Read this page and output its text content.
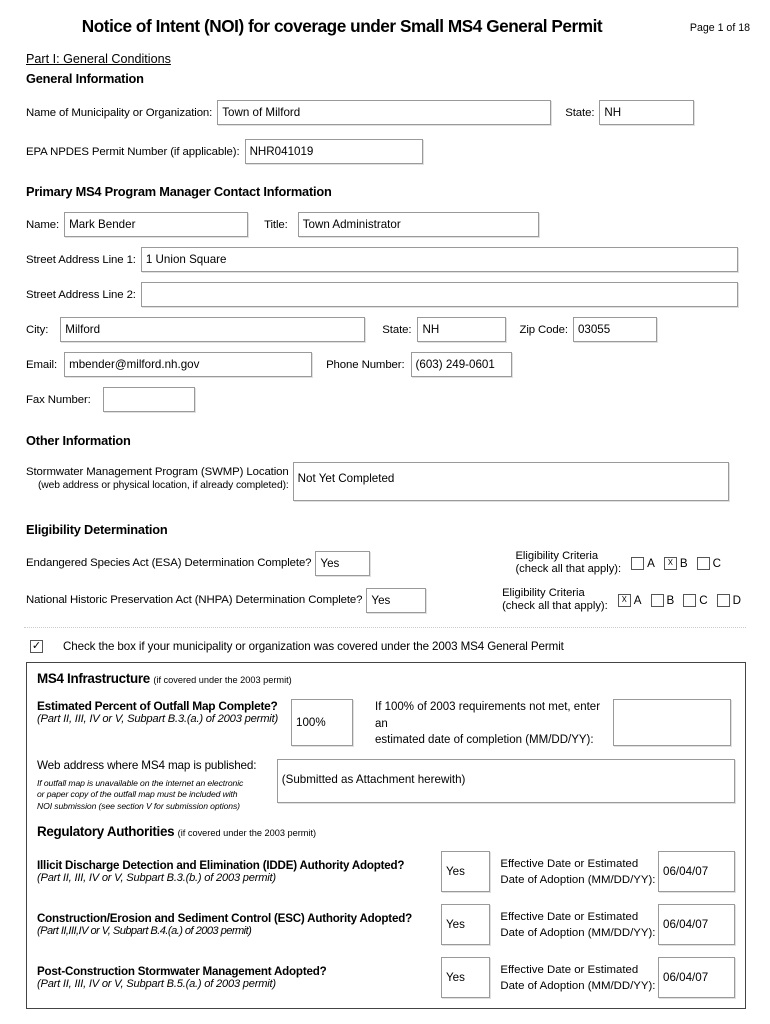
Notice of Intent (NOI) for coverage under Small MS4 General Permit	Page 1 of 18
Part I: General Conditions
General Information
Name of Municipality or Organization: Town of Milford	State: NH
EPA NPDES Permit Number (if applicable): NHR041019
Primary MS4 Program Manager Contact Information
Name: Mark Bender	Title:	Town Administrator
Street Address Line 1: 1 Union Square
Street Address Line 2:
City:	Milford	State: NH	Zip Code: 03055
Email:	mbender@milford.nh.gov	Phone Number: (603) 249-0601
Fax Number:
Other Information
Stormwater Management Program (SWMP) Location
(web address or physical location, if already completed):
Not Yet Completed
Eligibility Determination
Endangered Species Act (ESA) Determination Complete? Yes
Eligibility Criteria
(check all that apply): A	☓ B C
National Historic Preservation Act (NHPA) Determination Complete? Yes
Eligibility Criteria
(check all that apply):
☓ A B C D
✓ Check the box if your municipality or organization was covered under the 2003 MS4 General Permit
MS4 Infrastructure (if covered under the 2003 permit)
Estimated Percent of Outfall Map Complete?
(Part II, III, IV or V, Subpart B.3.(a.) of 2003 permit)	100%
If 100% of 2003 requirements not met, enter an
estimated date of completion (MM/DD/YY):
Web address where MS4 map is published:
If outfall map is unavailable on the internet an electronic
or paper copy of the outfall map must be included with
NOI submission (see section V for submission options)
(Submitted as Attachment herewith)
Regulatory Authorities (if covered under the 2003 permit)
Illicit Discharge Detection and Elimination (IDDE) Authority Adopted?
(Part II, III, IV or V, Subpart B.3.(b.) of 2003 permit)	Yes
Effective Date or Estimated
Date of Adoption (MM/DD/YY):
06/04/07
Construction/Erosion and Sediment Control (ESC) Authority Adopted?
(Part II,III,IV or V, Subpart B.4.(a.) of 2003 permit)	Yes
Effective Date or Estimated
Date of Adoption (MM/DD/YY):
06/04/07
Post-Construction Stormwater Management Adopted?
(Part II, III, IV or V, Subpart B.5.(a.) of 2003 permit)	Yes
Effective Date or Estimated
Date of Adoption (MM/DD/YY):
06/04/07
